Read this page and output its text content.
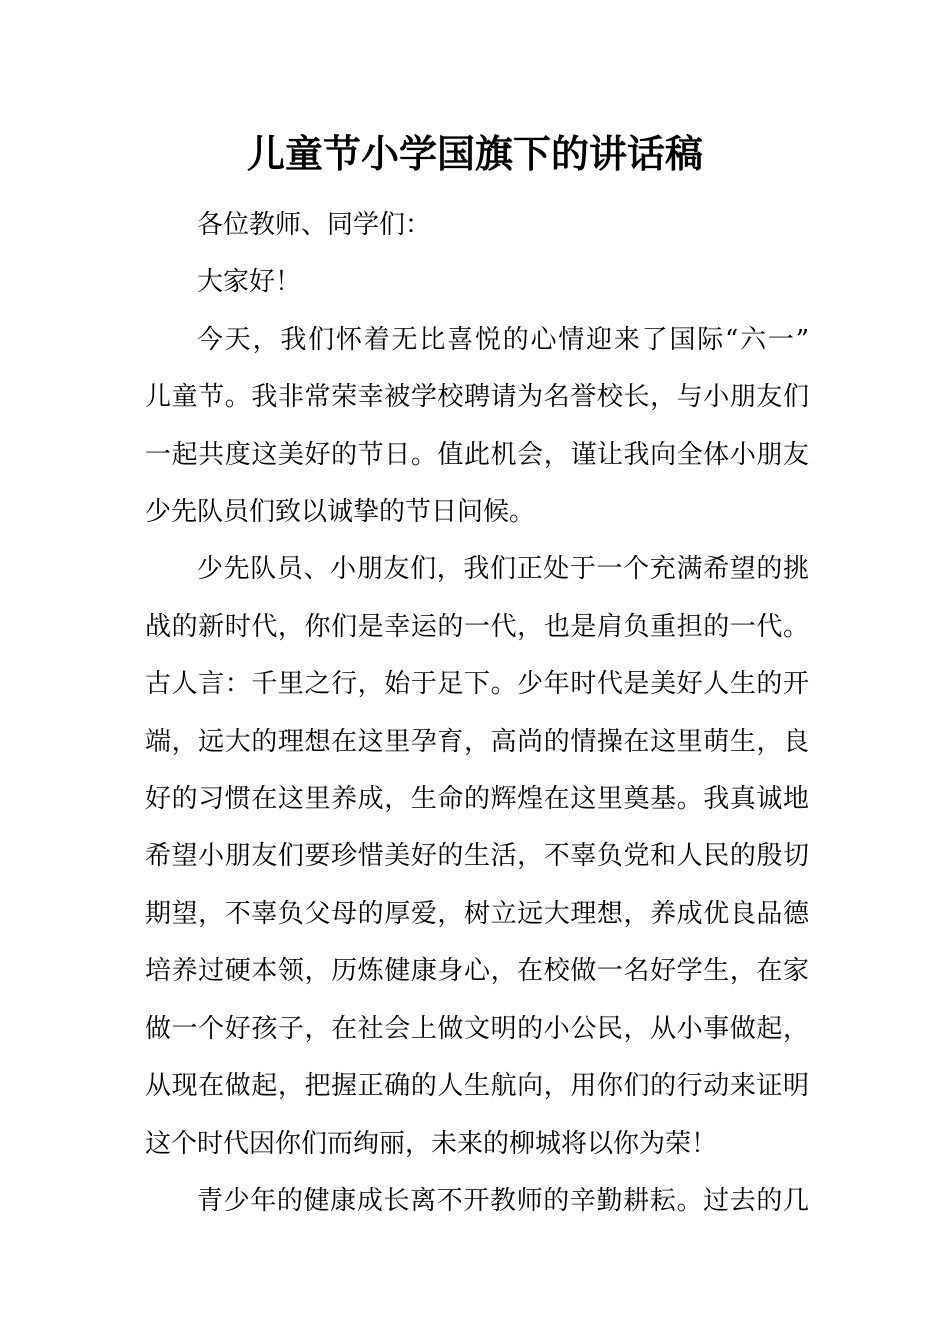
儿童节小学国旗下的讲话稿
各位教师、同学们：
大家好！
今天，我们怀着无比喜悦的心情迎来了国际“六一”
儿童节。我非常荣幸被学校聘请为名誉校长，与小朋友们
一起共度这美好的节日。值此机会，谨让我向全体小朋友
少先队员们致以诚挚的节日问候。
少先队员、小朋友们，我们正处于一个充满希望的挑
战的新时代，你们是幸运的一代，也是肩负重担的一代。
古人言：千里之行，始于足下。少年时代是美好人生的开
端，远大的理想在这里孕育，高尚的情操在这里萌生，良
好的习惯在这里养成，生命的辉煌在这里奠基。我真诚地
希望小朋友们要珍惜美好的生活，不辜负党和人民的殷切
期望，不辜负父母的厚爱，树立远大理想，养成优良品德
培养过硬本领，历炼健康身心，在校做一名好学生，在家
做一个好孩子，在社会上做文明的小公民，从小事做起，
从现在做起，把握正确的人生航向，用你们的行动来证明
这个时代因你们而绚丽，未来的柳城将以你为荣！
青少年的健康成长离不开教师的辛勤耕耘。过去的几
